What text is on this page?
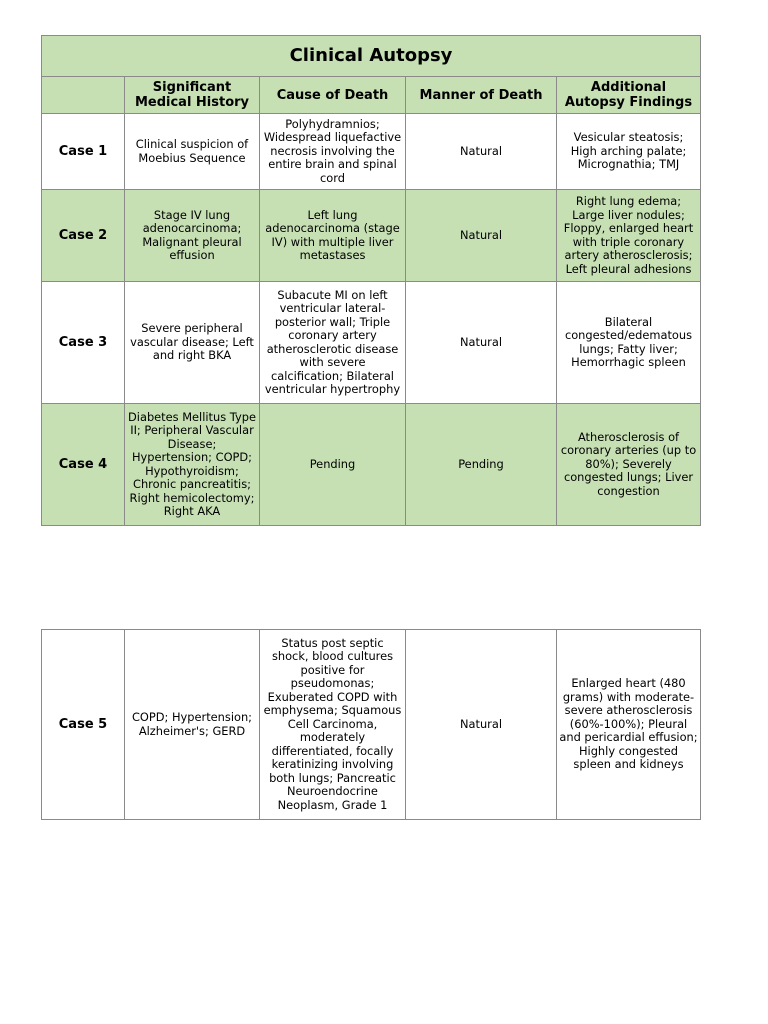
Clinical Autopsy				
	Significant Medical History	Cause of Death	Manner of Death	Additional Autopsy Findings
Case 1	Clinical suspicion of Moebius Sequence	Polyhydramnios; Widespread liquefactive necrosis involving the entire brain and spinal cord	Natural	Vesicular steatosis; High arching palate; Micrognathia; TMJ
Case 2	Stage IV lung adenocarcinoma; Malignant pleural effusion	Left lung adenocarcinoma (stage IV) with multiple liver metastases	Natural	Right lung edema; Large liver nodules; Floppy, enlarged heart with triple coronary artery atherosclerosis; Left pleural adhesions
Case 3	Severe peripheral vascular disease; Left and right BKA	Subacute MI on left ventricular lateral-posterior wall; Triple coronary artery atherosclerotic disease with severe calcification; Bilateral ventricular hypertrophy	Natural	Bilateral congested/edematous lungs; Fatty liver; Hemorrhagic spleen
Case 4	Diabetes Mellitus Type II; Peripheral Vascular Disease; Hypertension; COPD; Hypothyroidism; Chronic pancreatitis; Right hemicolectomy; Right AKA	Pending	Pending	Atherosclerosis of coronary arteries (up to 80%); Severely congested lungs; Liver congestion
Case 5	COPD; Hypertension; Alzheimer's; GERD	Status post septic shock, blood cultures positive for pseudomonas; Exuberated COPD with emphysema; Squamous Cell Carcinoma, moderately differentiated, focally keratinizing involving both lungs; Pancreatic Neuroendocrine Neoplasm, Grade 1	Natural	Enlarged heart (480 grams) with moderate-severe atherosclerosis (60%-100%); Pleural and pericardial effusion; Highly congested spleen and kidneys
